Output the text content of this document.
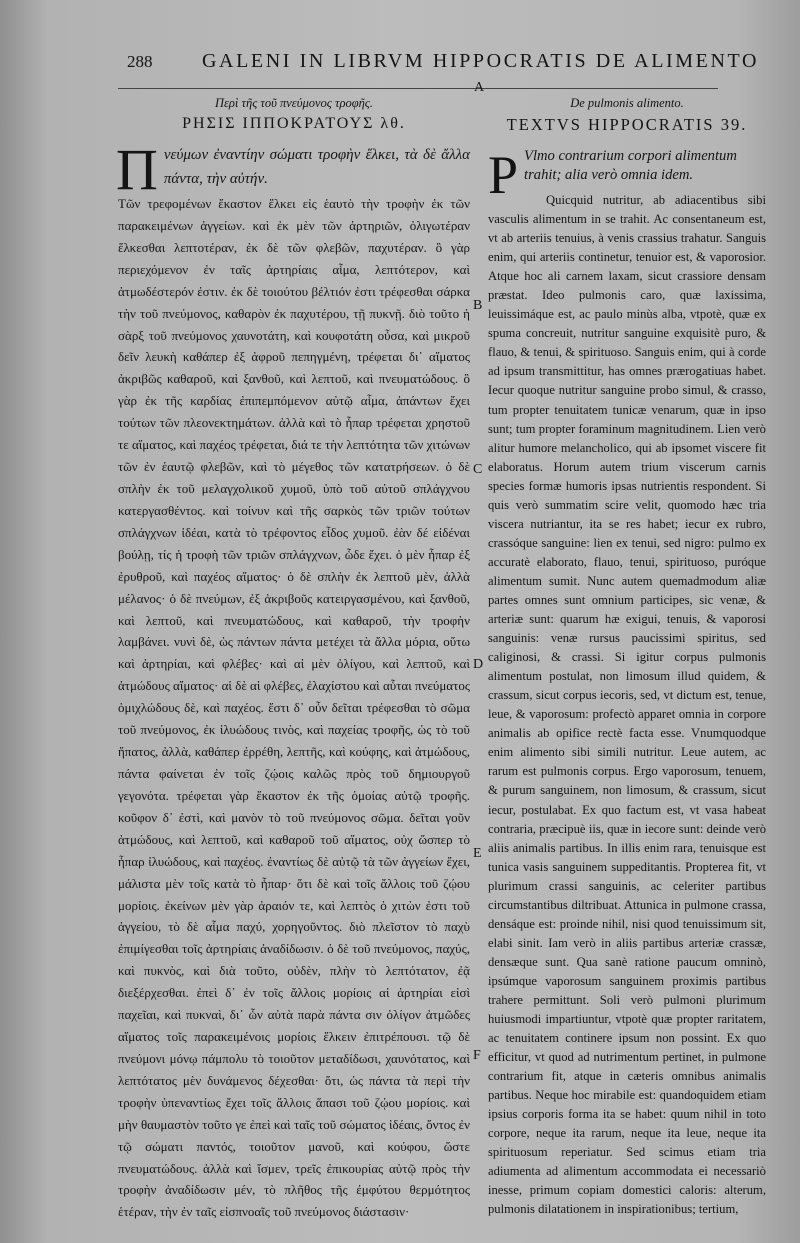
288 GALENI IN LIBRVM HIPPOCRATIS DE ALIMENTO
A
Περὶ τῆς τοῦ πνεύμονος τροφῆς.
ΡΗΣΙΣ ΙΠΠΟΚΡΑΤΟΥΣ λθ.
Π νεύμων ἐναντίην σώματι τροφὴν ἕλκει, τὰ δὲ ἄλλα πάντα, τὴν αὐτήν.

Τῶν τρεφομένων ἕκαστον ἕλκει εἰς ἑαυτὸ τὴν τροφὴν ἐκ τῶν παρακειμένων ἀγγείων. καὶ ἐκ μὲν τῶν ἀρτηριῶν, ὀλιγωτέραν ἕλκεσθαι λεπτοτέραν, ἐκ δὲ τῶν φλεβῶν, παχυτέραν. ὃ γὰρ περιεχόμενον ἐν ταῖς ἀρτηρίαις αἷμα, λεπτότερον, καὶ ἀτμωδέστερόν ἐστιν. ἐκ δὲ τοιούτου βέλτιόν ἐστι τρέφεσθαι σάρκα τὴν τοῦ πνεύμονος, καθαρὸν ἐκ παχυτέρου, τῇ πυκνῇ. διὸ τοῦτο ἡ σὰρξ τοῦ πνεύμονος χαυνοτάτη, καὶ κουφοτάτη οὖσα, καὶ μικροῦ δεῖν λευκὴ καθάπερ ἐξ ἀφροῦ πεπηγμένη, τρέφεται δι᾽ αἵματος ἀκριβῶς καθαροῦ, καὶ ξανθοῦ, καὶ λεπτοῦ, καὶ πνευματώδους. ὃ γὰρ ἐκ τῆς καρδίας ἐπιπεμπόμενον αὐτῷ αἷμα, ἀπάντων ἔχει τούτων τῶν πλεονεκτημάτων. ἀλλὰ καὶ τὸ ἧπαρ τρέφεται χρηστοῦ τε αἵματος, καὶ παχέος τρέφεται, διά τε τὴν λεπτότητα τῶν χιτώνων τῶν ἐν ἑαυτῷ φλεβῶν, καὶ τὸ μέγεθος τῶν κατατρήσεων. ὁ δὲ σπλὴν ἐκ τοῦ μελαγχολικοῦ χυμοῦ, ὑπὸ τοῦ αὐτοῦ σπλάγχνου κατεργασθέντος. καὶ τοίνυν καὶ τῆς σαρκὸς τῶν τριῶν τούτων σπλάγχνων ἰδέαι, κατὰ τὸ τρέφοντος εἶδος χυμοῦ. ἐὰν δέ εἰδέναι βούλῃ, τίς ἡ τροφὴ τῶν τριῶν σπλάγχνων, ὧδε ἔχει. ὁ μὲν ἧπαρ ἐξ ἐρυθροῦ, καὶ παχέος αἵματος· ὁ δὲ σπλὴν ἐκ λεπτοῦ μὲν, ἀλλὰ μέλανος· ὁ δὲ πνεύμων, ἐξ ἀκριβοῦς κατειργασμένου, καὶ ξανθοῦ, καὶ λεπτοῦ, καὶ πνευματώδους, καὶ καθαροῦ, τὴν τροφὴν λαμβάνει. νυνὶ δὲ, ὡς πάντων πάντα μετέχει τὰ ἄλλα μόρια, οὕτω καὶ ἀρτηρίαι, καὶ φλέβες· καὶ αἱ μὲν ὀλίγου, καὶ λεπτοῦ, καὶ ἀτμώδους αἵματος· αἱ δὲ αἱ φλέβες, ἐλαχίστου καὶ αὗται πνεύματος ὁμιχλώδους δὲ, καὶ παχέος. ἔστι δ᾽ οὖν δεῖται τρέφεσθαι τὸ σῶμα τοῦ πνεύμονος, ἐκ ἰλυώδους τινὸς, καὶ παχείας τροφῆς, ὡς τὸ τοῦ ἥπατος, ἀλλὰ, καθάπερ ἐρρέθη, λεπτῆς, καὶ κούφης, καὶ ἀτμώδους, πάντα φαίνεται ἐν τοῖς ζῴοις καλῶς πρὸς τοῦ δημιουργοῦ γεγονότα. τρέφεται γὰρ ἕκαστον ἐκ τῆς ὁμοίας αὐτῷ τροφῆς. κοῦφον δ᾽ ἐστὶ, καὶ μανὸν τὸ τοῦ πνεύμονος σῶμα. δεῖται γοῦν ἀτμώδους, καὶ λεπτοῦ, καὶ καθαροῦ τοῦ αἵματος, οὐχ ὥσπερ τὸ ἧπαρ ἰλυώδους, καὶ παχέος. ἐναντίως δὲ αὐτῷ τὰ τῶν ἀγγείων ἔχει, μάλιστα μὲν τοῖς κατὰ τὸ ἧπαρ· ὅτι δὲ καὶ τοῖς ἄλλοις τοῦ ζῴου μορίοις. ἐκείνων μὲν γὰρ ἀραιόν τε, καὶ λεπτὸς ὁ χιτὼν ἐστι τοῦ ἀγγείου, τὸ δὲ αἷμα παχύ, χορηγοῦντος. διὸ πλεῖστον τὸ παχὺ ἐπιμίγεσθαι τοῖς ἀρτηρίαις ἀναδίδωσιν. ὁ δὲ τοῦ πνεύμονος, παχύς, καὶ πυκνὸς, καὶ διὰ τοῦτο, οὐδὲν, πλὴν τὸ λεπτότατον, ἐᾷ διεξέρχεσθαι. ἐπεὶ δ᾽ ἐν τοῖς ἄλλοις μορίοις αἱ ἀρτηρίαι εἰσὶ παχεῖαι, καὶ πυκναὶ, δι᾽ ὧν αὐτὰ παρὰ πάντα σιν ὀλίγον ἀτμῶδες αἵματος τοῖς παρακειμένοις μορίοις ἕλκειν ἐπιτρέπουσι. τῷ δὲ πνεύμονι μόνῳ πάμπολυ τὸ τοιοῦτον μεταδίδωσι, χαυνότατος, καὶ λεπτότατος μὲν δυνάμενος δέχεσθαι· ὅτι, ὡς πάντα τὰ περὶ τὴν τροφὴν ὑπεναντίως ἔχει τοῖς ἄλλοις ἅπασι τοῦ ζῴου μορίοις. καὶ μὴν θαυμαστὸν τοῦτο γε ἐπεὶ καὶ ταῖς τοῦ σώματος ἰδέαις, ὄντος ἐν τῷ σώματι παντός, τοιοῦτον μανοῦ, καὶ κούφου, ὥστε πνευματώδους. ἀλλὰ καὶ ἴσμεν, τρεῖς ἐπικουρίας αὐτῷ πρὸς τὴν τροφὴν ἀναδίδωσιν μέν, τὸ πλῆθος τῆς ἐμφύτου θερμότητος ἑτέραν, τὴν ἐν ταῖς εἰσπνοαῖς τοῦ πνεύμονος διάστασιν·

De pulmonis alimento.
TEXTVS HIPPOCRATIS 39.
P Vlmo contrarium corpori alimentum trahit; alia verò omnia idem.

Quicquid nutritur, ab adiacentibus sibi vasculis alimentum in se trahit. Ac consentaneum est, vt ab arteriis tenuius, à venis crassius trahatur. Sanguis enim, qui arteriis continetur, tenuior est, & vaporosior. Atque hoc ali carnem laxam, sicut crassiore densam præstat. Ideo pulmonis caro, quæ laxissima, leuissimáque est, ac paulo minùs alba, vtpotè, quæ ex spuma concreuit, nutritur sanguine exquisitè puro, & flauo, & tenui, & spirituoso. Sanguis enim, qui à corde ad ipsum transmittitur, has omnes prærogatiuas habet. Iecur quoque nutritur sanguine probo simul, & crasso, tum propter tenuitatem tunicæ venarum, quæ in ipso sunt; tum propter foraminum magnitudinem. Lien verò alitur humore melancholico, qui ab ipsomet viscere fit elaboratus. Horum autem trium viscerum carnis species formæ humoris ipsas nutrientis respondent. Si quis verò summatim scire velit, quomodo hæc tria viscera nutriantur, ita se res habet; iecur ex rubro, crassóque sanguine: lien ex tenui, sed nigro: pulmo ex accuratè elaborato, flauo, tenui, spirituoso, puróque alimentum sumit. Nunc autem quemadmodum aliæ partes omnes sunt omnium participes, sic venæ, & arteriæ sunt: quarum hæ exigui, tenuis, & vaporosi sanguinis: venæ rursus paucissimi spiritus, sed caliginosi, & crassi. Si igitur corpus pulmonis alimentum postulat, non limosum illud quidem, & crassum, sicut corpus iecoris, sed, vt dictum est, tenue, leue, & vaporosum: profectò apparet omnia in corpore animalis ab opifice rectè facta esse. Vnumquodque enim alimento sibi simili nutritur. Leue autem, ac rarum est pulmonis corpus. Ergo vaporosum, tenuem, & purum sanguinem, non limosum, & crassum, sicut iecur, postulabat. Ex quo factum est, vt vasa habeat contraria, præcipuè iis, quæ in iecore sunt: deinde verò aliis animalis partibus. In illis enim rara, tenuisque est tunica vasis sanguinem suppeditantis. Propterea fit, vt plurimum crassi sanguinis, ac celeriter partibus circumstantibus diltribuat. Attunica in pulmone crassa, densáque est: proinde nihil, nisi quod tenuissimum sit, elabi sinit. Iam verò in aliis partibus arteriæ crassæ, densæque sunt. Qua sanè ratione paucum omninò, ipsúmque vaporosum sanguinem proximis partibus trahere permittunt. Soli verò pulmoni plurimum huiusmodi impartiuntur, vtpotè quæ propter raritatem, ac tenuitatem continere ipsum non possint. Ex quo efficitur, vt quod ad nutrimentum pertinet, in pulmone contrarium fit, atque in cæteris omnibus animalis partibus. Neque hoc mirabile est: quandoquidem etiam ipsius corporis forma ita se habet: quum nihil in toto corpore, neque ita rarum, neque ita leue, neque ita spirituosum reperiatur. Sed scimus etiam tria adiumenta ad alimentum accommodata ei necessariò inesse, primum copiam domestici caloris: alterum, pulmonis dilatationem in inspirationibus; tertium,

B
C
D
E
F
